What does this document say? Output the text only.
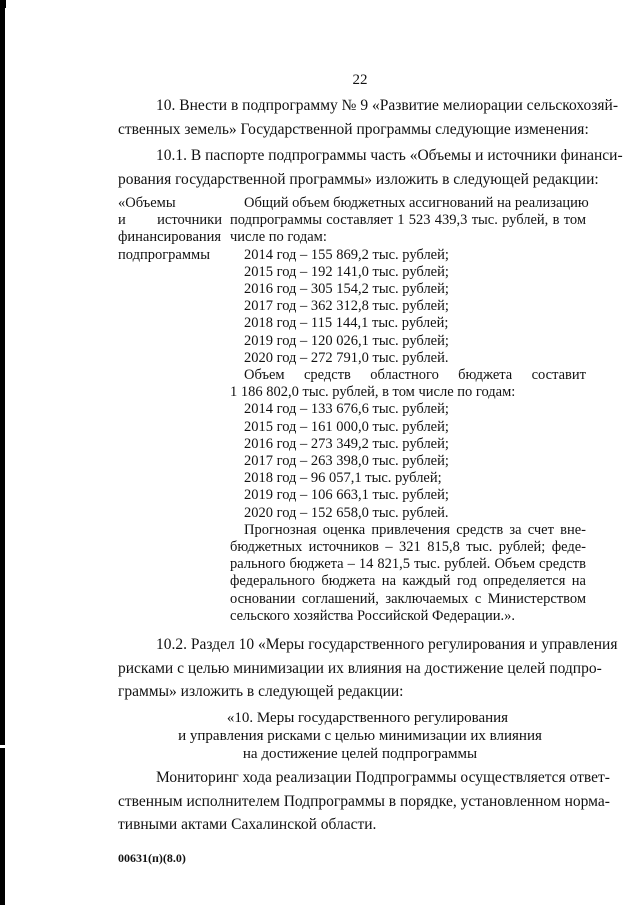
22
10. Внести в подпрограмму № 9 «Развитие мелиорации сельскохозяй-
ственных земель» Государственной программы следующие изменения:
10.1. В паспорте подпрограммы часть «Объемы и источники финанси-
рования государственной программы» изложить в следующей редакции:
«Объемы
и источники
финансирования
подпрограммы
Общий объем бюджетных ассигнований на реализацию
подпрограммы составляет 1 523 439,3 тыс. рублей, в том
числе по годам:
2014 год – 155 869,2 тыс. рублей;
2015 год – 192 141,0 тыс. рублей;
2016 год – 305 154,2 тыс. рублей;
2017 год – 362 312,8 тыс. рублей;
2018 год – 115 144,1 тыс. рублей;
2019 год – 120 026,1 тыс. рублей;
2020 год – 272 791,0 тыс. рублей.
Объем средств областного бюджета составит
1 186 802,0 тыс. рублей, в том числе по годам:
2014 год – 133 676,6 тыс. рублей;
2015 год – 161 000,0 тыс. рублей;
2016 год – 273 349,2 тыс. рублей;
2017 год – 263 398,0 тыс. рублей;
2018 год – 96 057,1 тыс. рублей;
2019 год – 106 663,1 тыс. рублей;
2020 год – 152 658,0 тыс. рублей.
Прогнозная оценка привлечения средств за счет вне-
бюджетных источников – 321 815,8 тыс. рублей; феде-
рального бюджета – 14 821,5 тыс. рублей. Объем средств
федерального бюджета на каждый год определяется на
основании соглашений, заключаемых с Министерством
сельского хозяйства Российской Федерации.».
10.2. Раздел 10 «Меры государственного регулирования и управления
рисками с целью минимизации их влияния на достижение целей подпро-
граммы» изложить в следующей редакции:
«10. Меры государственного регулирования
и управления рисками с целью минимизации их влияния
на достижение целей подпрограммы
Мониторинг хода реализации Подпрограммы осуществляется ответ-
ственным исполнителем Подпрограммы в порядке, установленном норма-
тивными актами Сахалинской области.
00631(п)(8.0)
